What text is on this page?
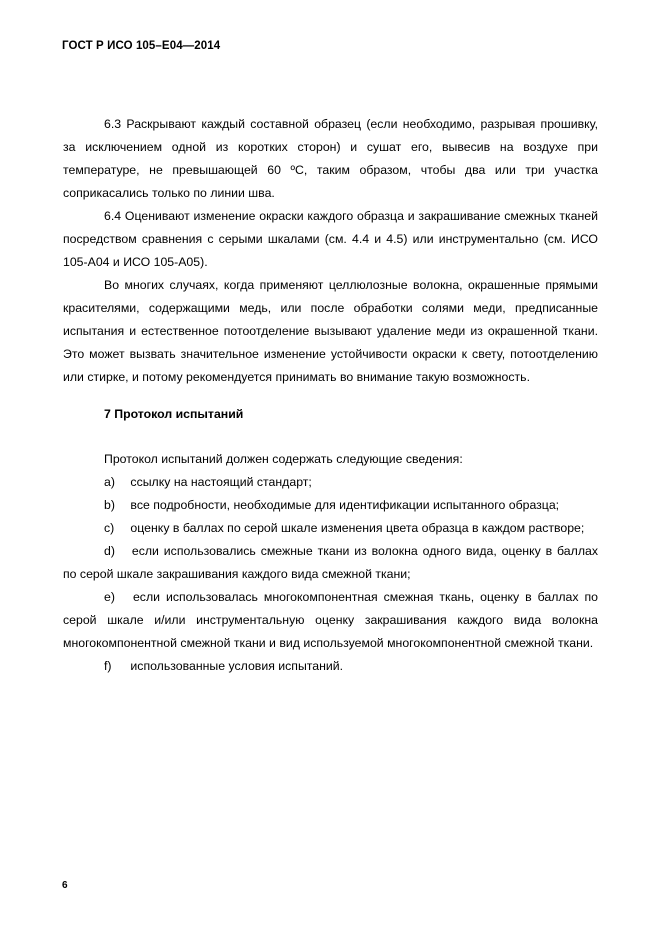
ГОСТ Р ИСО 105–E04—2014

6.3 Раскрывают каждый составной образец (если необходимо, разрывая прошивку, за исключением одной из коротких сторон) и сушат его, вывесив на воздухе при температуре, не превышающей 60 ºС, таким образом, чтобы два или три участка соприкасались только по линии шва.

6.4 Оценивают изменение окраски каждого образца и закрашивание смежных тканей посредством сравнения с серыми шкалами (см. 4.4 и 4.5) или инструментально (см. ИСО 105-A04 и ИСО 105-A05).

Во многих случаях, когда применяют целлюлозные волокна, окрашенные прямыми красителями, содержащими медь, или после обработки солями меди, предписанные испытания и естественное потоотделение вызывают удаление меди из окрашенной ткани. Это может вызвать значительное изменение устойчивости окраски к свету, потоотделению или стирке, и потому рекомендуется принимать во внимание такую возможность.

7 Протокол испытаний

Протокол испытаний должен содержать следующие сведения:

a) ссылку на настоящий стандарт;

b) все подробности, необходимые для идентификации испытанного образца;

c) оценку в баллах по серой шкале изменения цвета образца в каждом растворе;

d) если использовались смежные ткани из волокна одного вида, оценку в баллах по серой шкале закрашивания каждого вида смежной ткани;

e) если использовалась многокомпонентная смежная ткань, оценку в баллах по серой шкале и/или инструментальную оценку закрашивания каждого вида волокна многокомпонентной смежной ткани и вид используемой многокомпонентной смежной ткани.

f) использованные условия испытаний.

6
